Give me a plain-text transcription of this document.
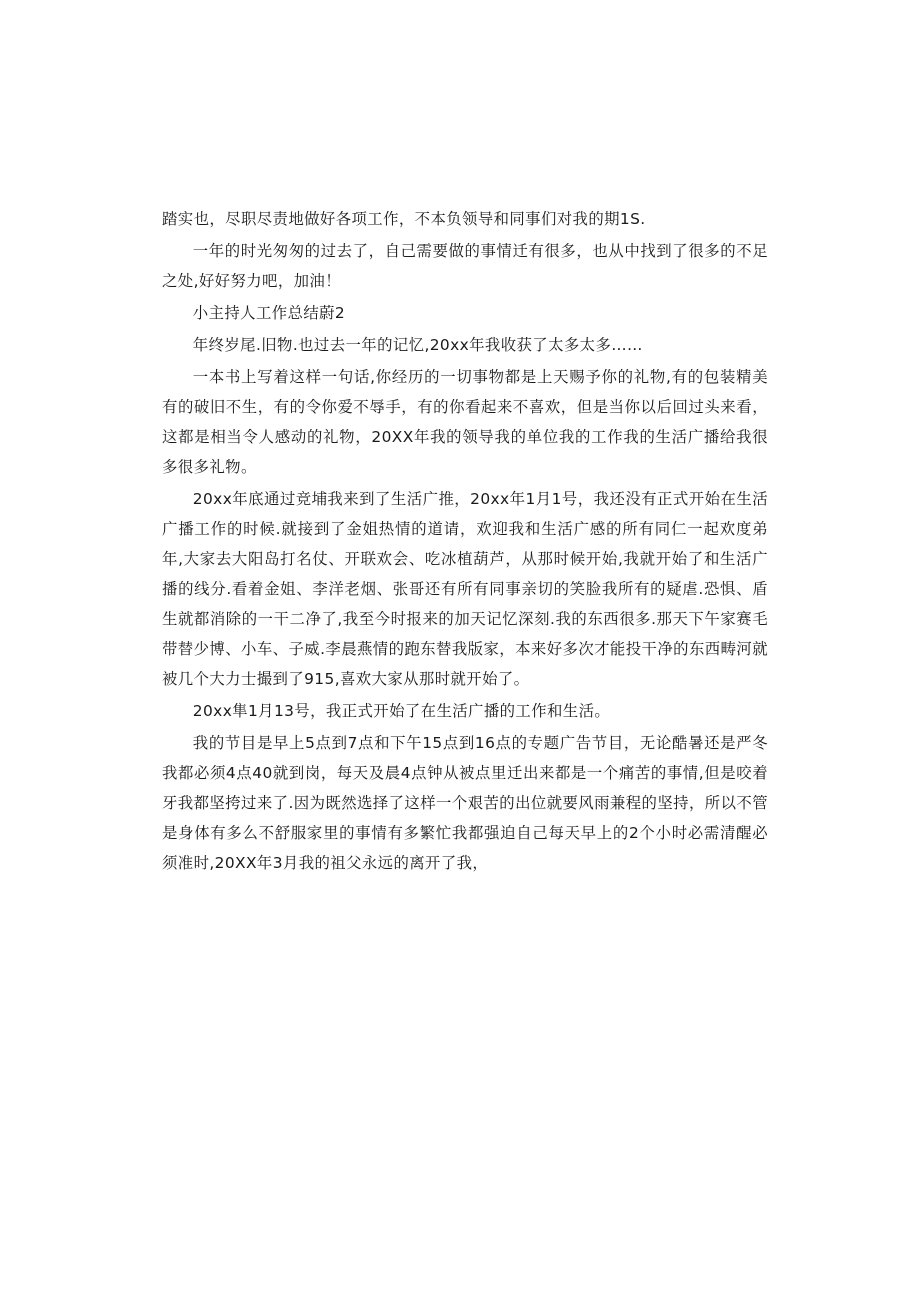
踏实也，尽职尽责地做好各项工作，不本负领导和同事们对我的期1S.

一年的时光匆匆的过去了，自己需要做的事情迁有很多，也从中找到了很多的不足之处,好好努力吧，加油！

小主持人工作总结蔚2

年终岁尾.旧物.也过去一年的记忆,20xx年我收获了太多太多……

一本书上写着这样一句话,你经历的一切事物都是上天赐予你的礼物,有的包装精美有的破旧不生，有的令你爱不辱手，有的你看起来不喜欢，但是当你以后回过头来看，这都是相当令人感动的礼物，20XX年我的领导我的单位我的工作我的生活广播给我很多很多礼物。

20xx年底通过竞埔我来到了生活广推，20xx年1月1号，我还没有正式开始在生活广播工作的时候.就接到了金姐热情的道请，欢迎我和生活广感的所有同仁一起欢度弟年,大家去大阳岛打名仗、开联欢会、吃冰植葫芦，从那时候开始,我就开始了和生活广播的线分.看着金姐、李洋老烟、张哥还有所有同事亲切的笑脸我所有的疑虐.恐惧、盾生就都消除的一干二净了,我至今时报来的加天记忆深刻.我的东西很多.那天下午家赛毛带替少博、小车、子威.李晨燕情的跑东替我版家，本来好多次才能投干净的东西畴河就被几个大力士撮到了915,喜欢大家从那时就开始了。

20xx隼1月13号，我正式开始了在生活广播的工作和生活。

我的节目是早上5点到7点和下午15点到16点的专题广告节目，无论酷暑还是严冬我都必须4点40就到岗，每天及晨4点钟从被点里迁出来都是一个痛苦的事情,但是咬着牙我都坚挎过来了.因为既然选择了这样一个艰苦的出位就要风雨兼程的坚持，所以不管是身体有多么不舒服家里的事情有多繁忙我都强迫自己每天早上的2个小时必需清醒必须准时,20XX年3月我的祖父永远的离开了我，
